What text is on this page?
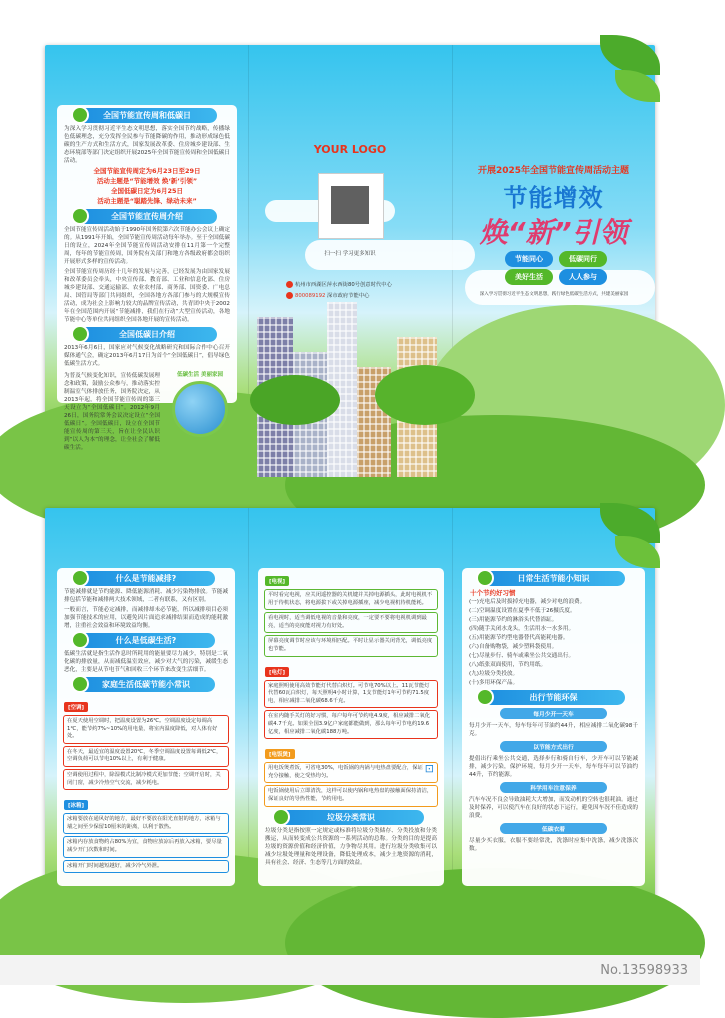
全国节能宣传周和低碳日
为深入学习贯彻习近平生态文明思想，落实全国节约战略，传播绿色低碳理念，充分发挥全民参与节能降碳的作用，推动形成绿色低碳的生产方式和生活方式，国家发展改革委、住房城乡建设部、生态环境部等部门决定组织开展2025年全国节能宣传周和全国低碳日活动。
全国节能宣传周定为6月23日至29日
活动主题是“节能增效 焕‘新’引领”
全国低碳日定为6月25日
活动主题是“聪踏先锋、绿动未来”
全国节能宣传周介绍
全国节能宣传周活动始于1990年国务院第六次节能办公会议上确定的。从1991年开始，全国节能宣传周活动每年举办。至于全国低碳日的设立，2024年全国节能宣传周活动安排在11月第一个完整周，每年的节能宣传周，国务院有关部门和地方各级政府都会组织开展形式多样的宣传活动。
全国节能宣传周历经十几年的发展与完善，已经发展为由国家发展和改革委员会牵头，中央宣传部、教育部、工业和信息化部、住房城乡建设部、交通运输部、农业农村部、商务部、国资委、广电总局、国管局等部门共同组织，全国各地方各部门参与的大规模宣传活动，成为社会上影响力较大的品牌宣传活动，共青团中央于2002年在全国范围内开展“节能减排，我们在行动”大型宣传活动，各地节能中心等单位共同组织全国各地开展的宣传活动。
全国低碳日介绍
2013年6月6日，国家应对气候变化战略研究和国际合作中心召开媒体通气会，确定2013年6月17日为首个“全国低碳日”，倡导绿色低碳生活方式。
为普及气候变化知识，宣传低碳发展理念和政策，鼓励公众参与，推动落实控制温室气体排放任务，国务院决定，从2013年起，将全国节能宣传周的第三天设立为“全国低碳日”。2012年9月26日，国务院常务会议决定设立“全国低碳日”。全国低碳日，设立在全国节能宣传周的第三天，旨在让全民认识到“以人为本”的理念，让全社会了解低碳生活。
低碳生活 美丽家园
YOUR LOGO
扫一扫 学习更多知识
杭州市西湖区萍水西街80号创意时代中心
800089192 深市政府节能中心
开展2025年全国节能宣传周活动主题
节能增效
焕“新”引领
节能同心	低碳同行
美好生活	人人参与
深入学习贯彻习近平生态文明思想，践行绿色低碳生活方式，共建美丽家园
什么是节能减排?
节能减排就是节约能源、降低能源消耗、减少污染物排放。节能减排包括节能和减排两大技术领域，二者有联系，又有区别。
一般而言，节能必定减排，而减排却未必节能，所以减排项目必须加强节能技术的应用，以避免因片面追求减排结果而造成的能耗激增，注重社会效益和环境效益均衡。
什么是低碳生活?
低碳生活就是指生活作息时所耗用的能量要尽力减少，特别是二氧化碳的排放量，从而减低温室效应，减少对大气的污染，减缓生态恶化，主要是从节电节气和回收三个环节来改变生活细节。
家庭生活低碳节能小常识
[空调]
在夏天使用空调时，把温度设置为26℃。空调温度设定每调高1℃，能节约7%~10%的用电量，将室内温度降低，对人体有好处。
在冬天，最适宜的温度设置20℃，冬季空调温度设置每调低2℃，空调负荷可以节电10%以上，有利于健康。
空调使用过程中，除湿模式比制冷模式更加节能；空调开启时，关闭门窗，减少冷热空气交流，减少耗电。
[冰箱]
冰箱要放在通风好的地方，最好不要放在阳光直射的地方，冰箱与墙之间至少保留10厘米的距离，以利于散热。
冰箱内存放食物约占80%为宜，食物应放凉后再放入冰箱，要尽量减少开门次数和时间。
冰箱开门时间越短越好，减少冷气外泄。
[电视]
平时看完电视，应关闭遥控器的关机键并关掉电源插头，此时电视机不用于待机状态，将电源拔下或关掉电源插座，减少电视机待机能耗。
看电视时，适当调低电视的音量和亮度，一定要不要将电视机调到最亮，适当的亮度能对视力有好处。
屏幕亮度调节时应该与环境相匹配。平时让显示器关闭背光，调低亮度也节能。
[电灯]
家庭照明使用高效节能灯代替白炽灯。可节电70%以上。11瓦节能灯代替60瓦白炽灯，每天照明4小时计算，1支节能灯1年可节约71.5度电，相应减排二氧化碳68.6千克。
在室内随手关灯的好习惯，每户每年可节约电4.9度，相应减排二氧化碳4.7千克。如果全国3.9亿户家庭都能做到，那么每年可节电约19.6亿度，相应减排二氧化碳188万吨。
[电饭煲]
⊡
用电饭煲煮饭，可省电30%，电饭锅的内锅与电热盘要配合，保证充分接触，使之受热均匀。
电饭锅使用后立即清洗，这样可以使内锅和电热盘的接触面保持清洁，保证良好的导热性能，节约用电。
垃圾分类常识
垃圾分类是指按照一定规定或标准将垃圾分类储存、分类投放和分类搬运，从而转变成公共资源的一系列活动的总称。分类的目的是提高垃圾的资源价值和经济价值，力争物尽其用。进行垃圾分类收集可以减少垃圾处理量和处理设备，降低处理成本，减少土地资源的消耗，具有社会、经济、生态等几方面的效益。
日常生活节能小知识
十个节约好习惯
(一)充电后及时拔掉充电器，减少对电的浪费。
(二)空调温度设置在夏季不低于26摄氏度。
(三)用能源节约的淋浴头代替浴缸。
(四)随手关闭水龙头，生活用水一水多用。
(五)用能源节约型电器替代高能耗电器。
(六)自备购物袋，减少塑料袋使用。
(七)尽量步行、骑车或乘坐公共交通出行。
(八)纸张双面使用，节约用纸。
(九)垃圾分类投放。
(十)多用环保产品。
出行节能环保
每月少开一天车
每月少开一天车，每车每年可节油约44升，相应减排二氧化碳98千克。
以节能方式出行
提倡出行乘坐公共交通，选择步行和骑自行车，少开车可以节能减排，减少污染，保护环境，每月少开一天车，每车每年可以节油约44升，节约能源。
科学用车注意保养
汽车车况不良会导致油耗大大增加，而发动机的空转也很耗油。通过及时保养，可以使汽车在良好的状态下运行，避免因车况不佳造成的浪费。
低碳衣着
尽量少买衣服，衣服不要经常洗，洗涤时应集中洗涤，减少洗涤次数。
No.13598933
